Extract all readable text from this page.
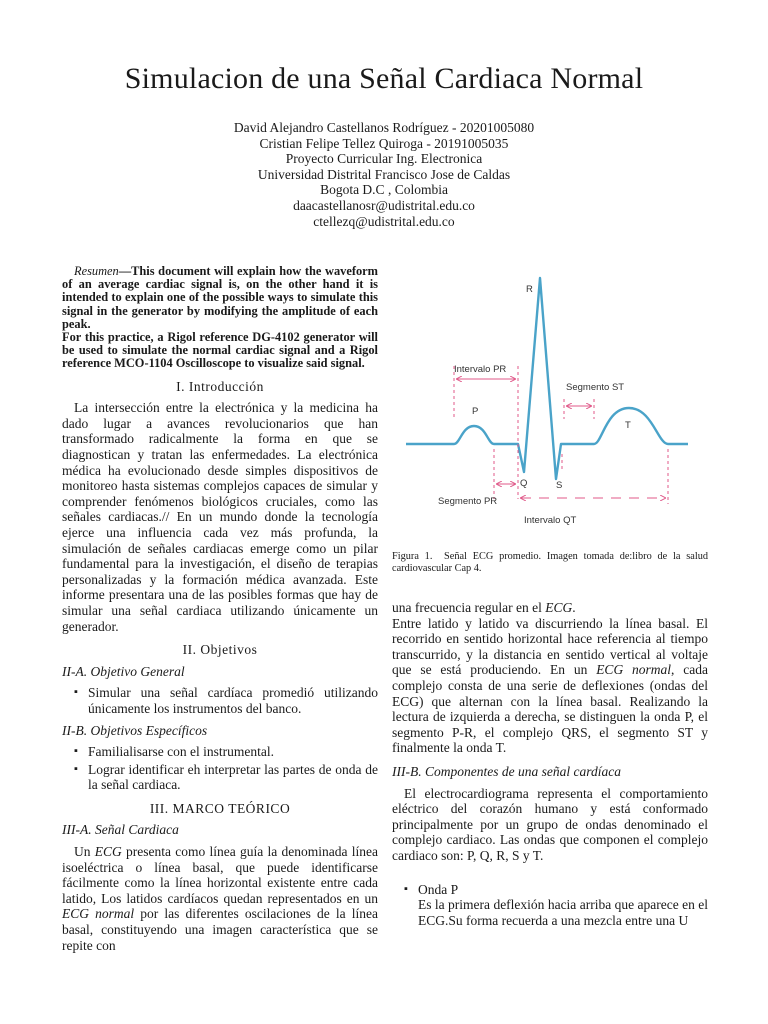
Simulacion de una Señal Cardiaca Normal
David Alejandro Castellanos Rodríguez - 20201005080
Cristian Felipe Tellez Quiroga - 20191005035
Proyecto Curricular Ing. Electronica
Universidad Distrital Francisco Jose de Caldas
Bogota D.C , Colombia
daacastellanosr@udistrital.edu.co
ctellezq@udistrital.edu.co

Resumen—This document will explain how the waveform of an average cardiac signal is, on the other hand it is intended to explain one of the possible ways to simulate this signal in the generator by modifying the amplitude of each peak.

For this practice, a Rigol reference DG-4102 generator will be used to simulate the normal cardiac signal and a Rigol reference MCO-1104 Oscilloscope to visualize said signal.

I. Introducción

La intersección entre la electrónica y la medicina ha dado lugar a avances revolucionarios que han transformado radicalmente la forma en que se diagnostican y tratan las enfermedades. La electrónica médica ha evolucionado desde simples dispositivos de monitoreo hasta sistemas complejos capaces de simular y comprender fenómenos biológicos cruciales, como las señales cardiacas.// En un mundo donde la tecnología ejerce una influencia cada vez más profunda, la simulación de señales cardiacas emerge como un pilar fundamental para la investigación, el diseño de terapias personalizadas y la formación médica avanzada. Este informe presentara una de las posibles formas que hay de simular una señal cardiaca utilizando únicamente un generador.

II. Objetivos
II-A. Objetivo General
▪ Simular una señal cardíaca promedió utilizando únicamente los instrumentos del banco.
II-B. Objetivos Específicos
▪ Familialisarse con el instrumental.
▪ Lograr identificar eh interpretar las partes de onda de la señal cardiaca.
III. MARCO TEÓRICO
III-A. Señal Cardiaca

Un ECG presenta como línea guía la denominada línea isoeléctrica o línea basal, que puede identificarse fácilmente como la línea horizontal existente entre cada latido, Los latidos cardíacos quedan representados en un ECG normal por las diferentes oscilaciones de la línea basal, constituyendo una imagen característica que se repite con

R
P
Q	S
T
Intervalo PR
Segmento ST
Segmento PR
Intervalo QT
Figura 1. Señal ECG promedio. Imagen tomada de:libro de la salud cardiovascular Cap 4.

una frecuencia regular en el ECG.

Entre latido y latido va discurriendo la línea basal. El recorrido en sentido horizontal hace referencia al tiempo transcurrido, y la distancia en sentido vertical al voltaje que se está produciendo. En un ECG normal, cada complejo consta de una serie de deflexiones (ondas del ECG) que alternan con la línea basal. Realizando la lectura de izquierda a derecha, se distinguen la onda P, el segmento P-R, el complejo QRS, el segmento ST y finalmente la onda T.

III-B. Componentes de una señal cardíaca

El electrocardiograma representa el comportamiento eléctrico del corazón humano y está conformado principalmente por un grupo de ondas denominado el complejo cardiaco. Las ondas que componen el complejo cardiaco son: P, Q, R, S y T.

▪ Onda P
Es la primera deflexión hacia arriba que aparece en el ECG.Su forma recuerda a una mezcla entre una U
